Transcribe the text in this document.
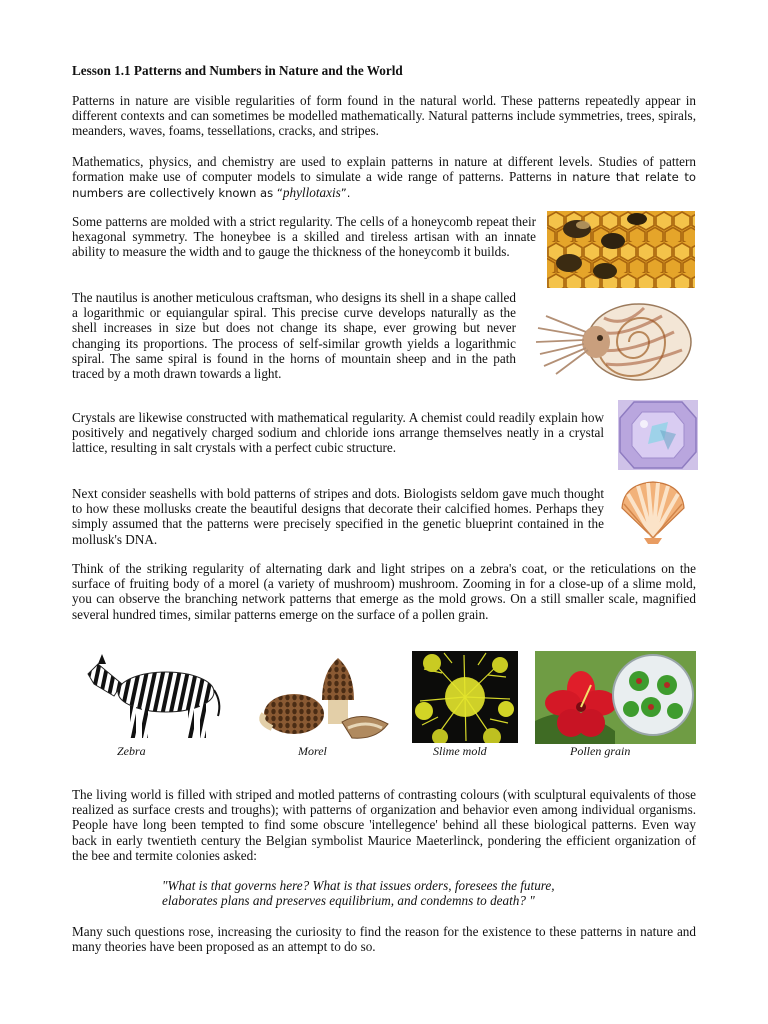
Lesson 1.1 Patterns and Numbers in Nature and the World

Patterns in nature are visible regularities of form found in the natural world. These patterns repeatedly appear in different contexts and can sometimes be modelled mathematically. Natural patterns include symmetries, trees, spirals, meanders, waves, foams, tessellations, cracks, and stripes.

Mathematics, physics, and chemistry are used to explain patterns in nature at different levels. Studies of pattern formation make use of computer models to simulate a wide range of patterns. Patterns in nature that relate to numbers are collectively known as “phyllotaxis”.

Some patterns are molded with a strict regularity. The cells of a honeycomb repeat their hexagonal symmetry. The honeybee is a skilled and tireless artisan with an innate ability to measure the width and to gauge the thickness of the honeycomb it builds.

The nautilus is another meticulous craftsman, who designs its shell in a shape called a logarithmic or equiangular spiral. This precise curve develops naturally as the shell increases in size but does not change its shape, ever growing but never changing its proportions. The process of self-similar growth yields a logarithmic spiral. The same spiral is found in the horns of mountain sheep and in the path traced by a moth drawn towards a light.

Crystals are likewise constructed with mathematical regularity. A chemist could readily explain how positively and negatively charged sodium and chloride ions arrange themselves neatly in a crystal lattice, resulting in salt crystals with a perfect cubic structure.

Next consider seashells with bold patterns of stripes and dots. Biologists seldom gave much thought to how these mollusks create the beautiful designs that decorate their calcified homes. Perhaps they simply assumed that the patterns were precisely specified in the genetic blueprint contained in the mollusk's DNA.

Think of the striking regularity of alternating dark and light stripes on a zebra's coat, or the reticulations on the surface of fruiting body of a morel (a variety of mushroom) mushroom. Zooming in for a close-up of a slime mold, you can observe the branching network patterns that emerge as the mold grows. On a still smaller scale, magnified several hundred times, similar patterns emerge on the surface of a pollen grain.

Zebra	Morel	Slime mold	Pollen grain

The living world is filled with striped and motled patterns of contrasting colours (with sculptural equivalents of those realized as surface crests and troughs); with patterns of organization and behavior even among individual organisms. People have long been tempted to find some obscure 'intellegence' behind all these biological patterns. Even way back in early twentieth century the Belgian symbolist Maurice Maeterlinck, pondering the efficient organization of the bee and termite colonies asked:

"What is that governs here? What is that issues orders, foresees the future,
elaborates plans and preserves equilibrium, and condemns to death? "

Many such questions rose, increasing the curiosity to find the reason for the existence to these patterns in nature and many theories have been proposed as an attempt to do so.
